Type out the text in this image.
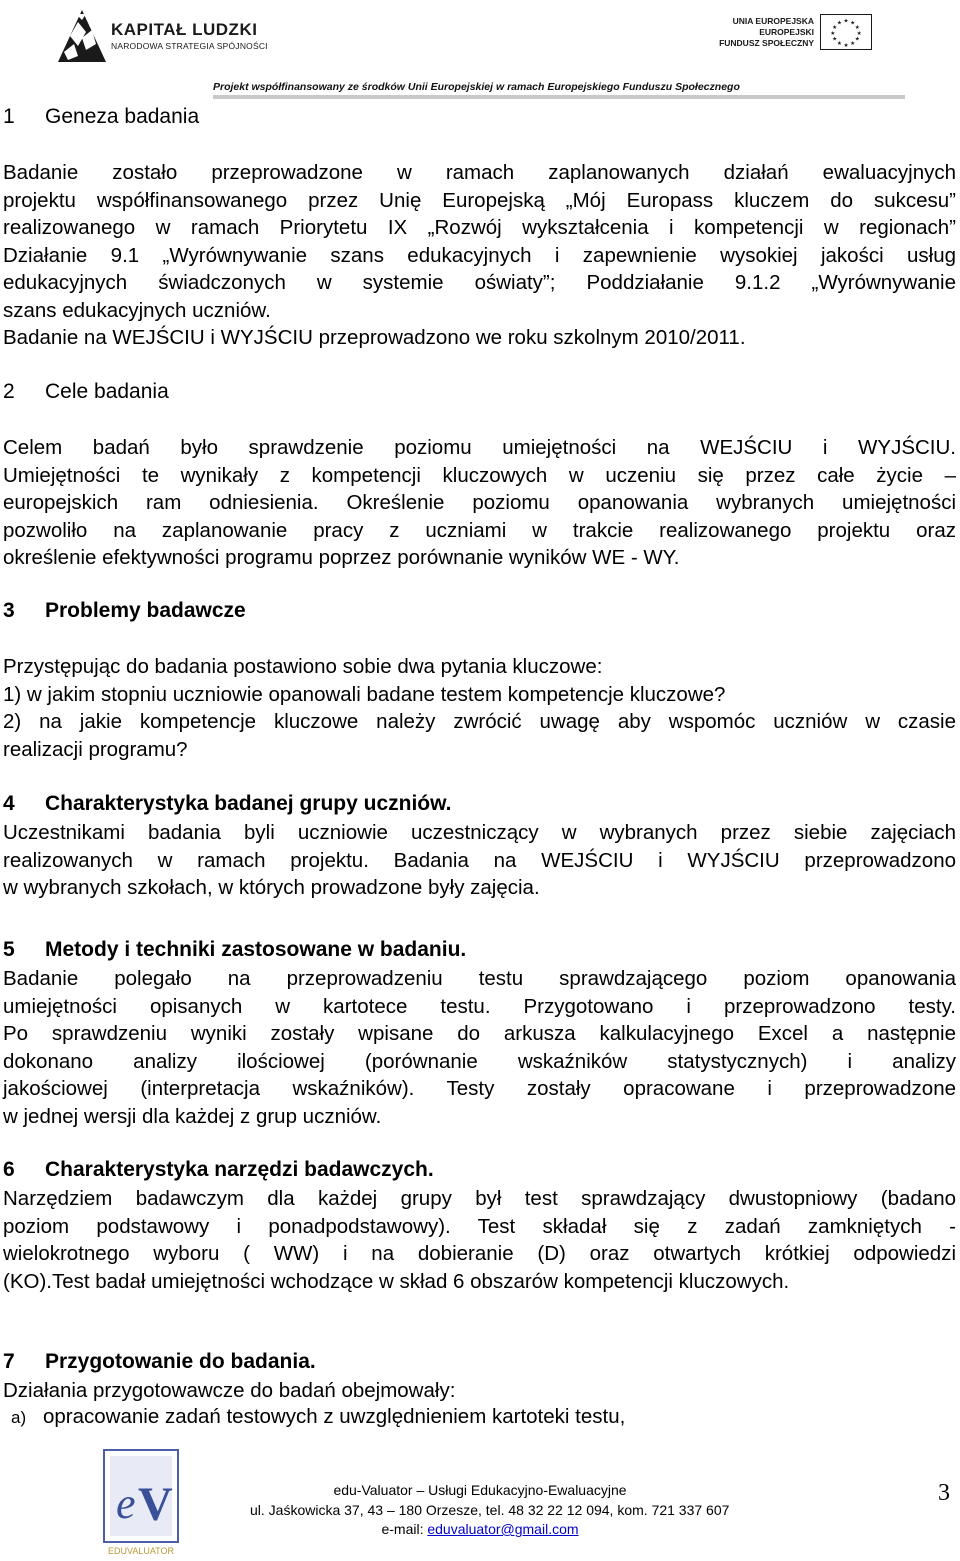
KAPITAŁ LUDZKI
NARODOWA STRATEGIA SPÓJNOŚCI
UNIA EUROPEJSKA
EUROPEJSKI
FUNDUSZ SPOŁECZNY
★ ★
★
★
★
★
★
★
★
★
★
★
Projekt współfinansowany ze środków Unii Europejskiej w ramach Europejskiego Funduszu Społecznego
1 Geneza badania
Badanie zostało przeprowadzone w ramach zaplanowanych działań ewaluacyjnych
projektu współfinansowanego przez Unię Europejską „Mój Europass kluczem do sukcesu”
realizowanego w ramach Priorytetu IX „Rozwój wykształcenia i kompetencji w regionach”
Działanie 9.1 „Wyrównywanie szans edukacyjnych i zapewnienie wysokiej jakości usług
edukacyjnych świadczonych w systemie oświaty”; Poddziałanie 9.1.2 „Wyrównywanie
szans edukacyjnych uczniów.
Badanie na WEJŚCIU i WYJŚCIU przeprowadzono we roku szkolnym 2010/2011.
2 Cele badania
Celem badań było sprawdzenie poziomu umiejętności na WEJŚCIU i WYJŚCIU.
Umiejętności te wynikały z kompetencji kluczowych w uczeniu się przez całe życie –
europejskich ram odniesienia. Określenie poziomu opanowania wybranych umiejętności
pozwoliło na zaplanowanie pracy z uczniami w trakcie realizowanego projektu oraz
określenie efektywności programu poprzez porównanie wyników WE - WY.
3 Problemy badawcze
Przystępując do badania postawiono sobie dwa pytania kluczowe:
1) w jakim stopniu uczniowie opanowali badane testem kompetencje kluczowe?
2) na jakie kompetencje kluczowe należy zwrócić uwagę aby wspomóc uczniów w czasie
realizacji programu?
4 Charakterystyka badanej grupy uczniów.
Uczestnikami badania byli uczniowie uczestniczący w wybranych przez siebie zajęciach
realizowanych w ramach projektu. Badania na WEJŚCIU i WYJŚCIU przeprowadzono
w wybranych szkołach, w których prowadzone były zajęcia.
5 Metody i techniki zastosowane w badaniu.
Badanie polegało na przeprowadzeniu testu sprawdzającego poziom opanowania
umiejętności opisanych w kartotece testu. Przygotowano i przeprowadzono testy.
Po sprawdzeniu wyniki zostały wpisane do arkusza kalkulacyjnego Excel a następnie
dokonano analizy ilościowej (porównanie wskaźników statystycznych) i analizy
jakościowej (interpretacja wskaźników). Testy zostały opracowane i przeprowadzone
w jednej wersji dla każdej z grup uczniów.
6 Charakterystyka narzędzi badawczych.
Narzędziem badawczym dla każdej grupy był test sprawdzający dwustopniowy (badano
poziom podstawowy i ponadpodstawowy). Test składał się z zadań zamkniętych -
wielokrotnego wyboru ( WW) i na dobieranie (D) oraz otwartych krótkiej odpowiedzi
(KO).Test badał umiejętności wchodzące w skład 6 obszarów kompetencji kluczowych.
7 Przygotowanie do badania.
Działania przygotowawcze do badań obejmowały:
a) opracowanie zadań testowych z uwzględnieniem kartoteki testu,
e V
EDUVALUATOR
edu-Valuator – Usługi Edukacyjno-Ewaluacyjne
ul. Jaśkowicka 37, 43 – 180 Orzesze, tel. 48 32 22 12 094, kom. 721 337 607
e-mail: eduvaluator@gmail.com
3
